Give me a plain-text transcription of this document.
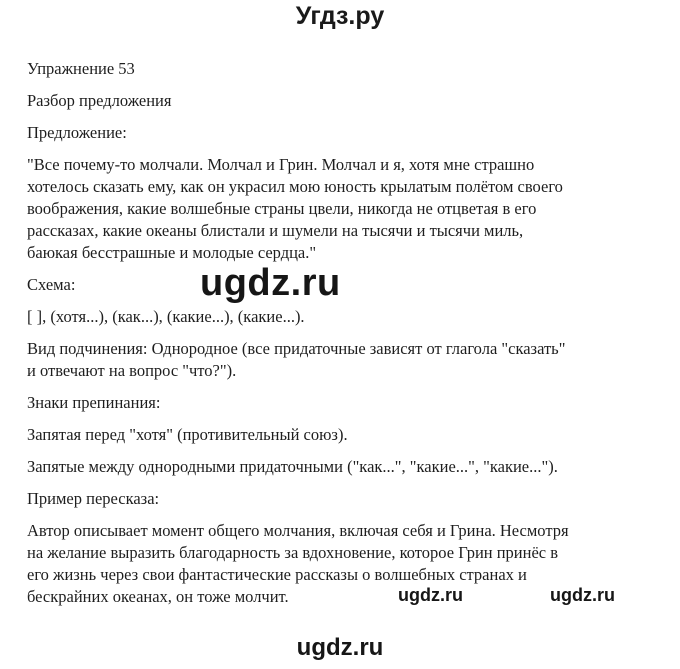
Угдз.ру

Упражнение 53

Разбор предложения

Предложение:

"Все почему-то молчали. Молчал и Грин. Молчал и я, хотя мне страшно
хотелось сказать ему, как он украсил мою юность крылатым полётом своего
воображения, какие волшебные страны цвели, никогда не отцветая в его
рассказах, какие океаны блистали и шумели на тысячи и тысячи миль,
баюкая бесстрашные и молодые сердца."

Схема:

[ ], (хотя...), (как...), (какие...), (какие...).

Вид подчинения: Однородное (все придаточные зависят от глагола "сказать"
и отвечают на вопрос "что?").

Знаки препинания:

Запятая перед "хотя" (противительный союз).

Запятые между однородными придаточными ("как...", "какие...", "какие...").

Пример пересказа:

Автор описывает момент общего молчания, включая себя и Грина. Несмотря
на желание выразить благодарность за вдохновение, которое Грин принёс в
его жизнь через свои фантастические рассказы о волшебных странах и
бескрайних океанах, он тоже молчит.

ugdz.ru
ugdz.ru	ugdz.ru
ugdz.ru
